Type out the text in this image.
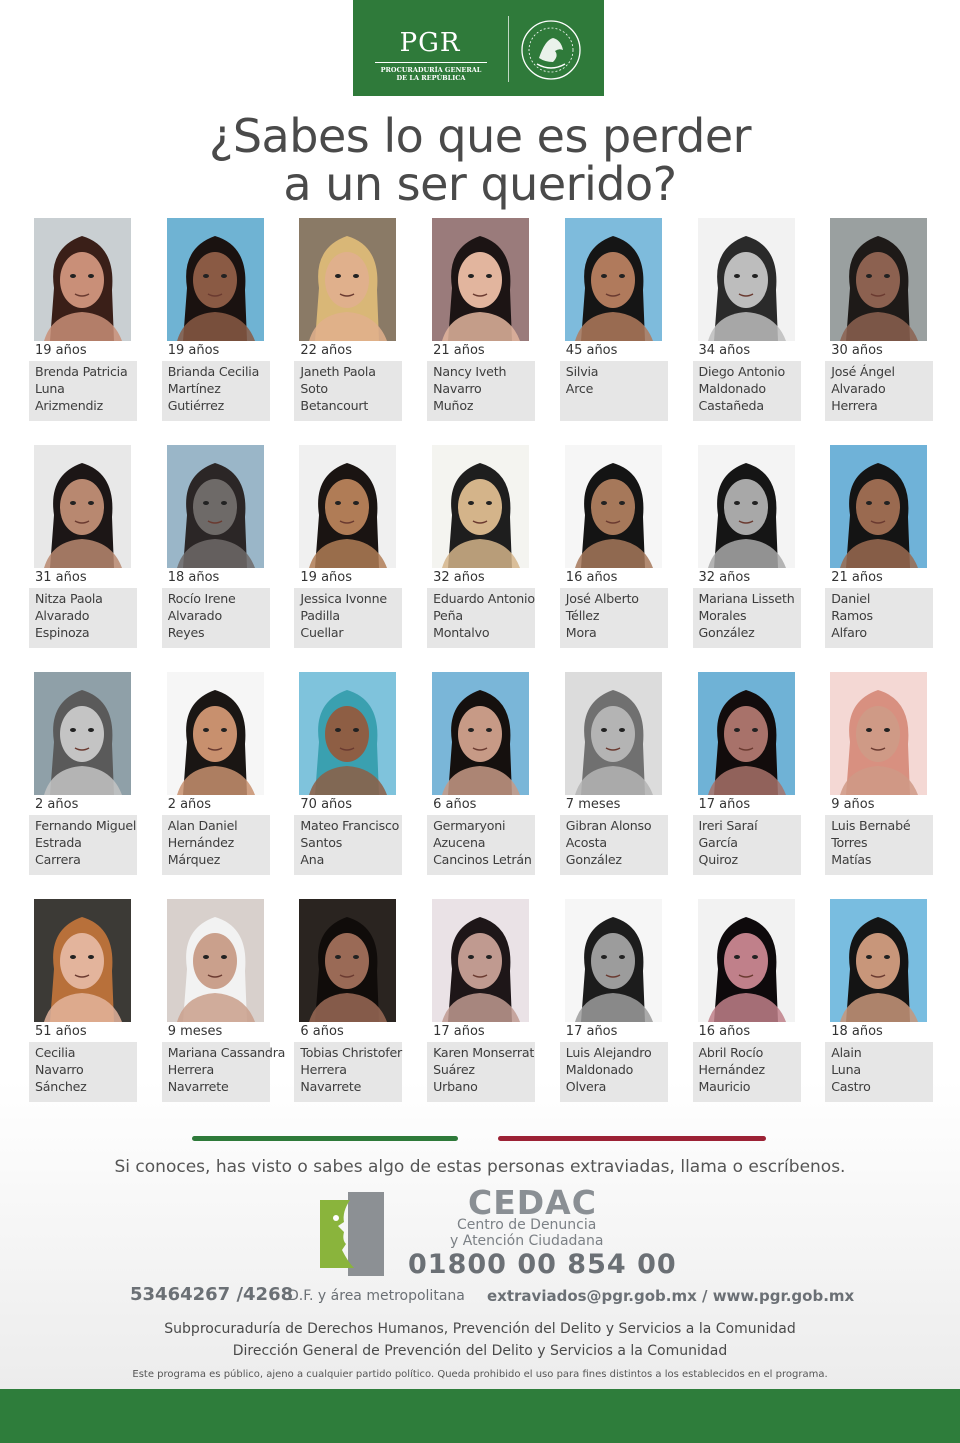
PGR
PROCURADURÍA GENERAL
DE LA REPÚBLICA
¿Sabes lo que es perder
a un ser querido?
19 años
Brenda Patricia
Luna
Arizmendiz
19 años
Brianda Cecilia
Martínez
Gutiérrez
22 años
Janeth Paola
Soto
Betancourt
21 años
Nancy Iveth
Navarro
Muñoz
45 años
Silvia
Arce
34 años
Diego Antonio
Maldonado
Castañeda
30 años
José Ángel
Alvarado
Herrera
31 años
Nitza Paola
Alvarado
Espinoza
18 años
Rocío Irene
Alvarado
Reyes
19 años
Jessica Ivonne
Padilla
Cuellar
32 años
Eduardo Antonio
Peña
Montalvo
16 años
José Alberto
Téllez
Mora
32 años
Mariana Lisseth
Morales
González
21 años
Daniel
Ramos
Alfaro
2 años
Fernando Miguel
Estrada
Carrera
2 años
Alan Daniel
Hernández
Márquez
70 años
Mateo Francisco
Santos
Ana
6 años
Germaryoni
Azucena
Cancinos Letrán
7 meses
Gibran Alonso
Acosta
González
17 años
Ireri Saraí
García
Quiroz
9 años
Luis Bernabé
Torres
Matías
51 años
Cecilia
Navarro
Sánchez
9 meses
Mariana Cassandra
Herrera
Navarrete
6 años
Tobias Christofer
Herrera
Navarrete
17 años
Karen Monserrat
Suárez
Urbano
17 años
Luis Alejandro
Maldonado
Olvera
16 años
Abril Rocío
Hernández
Mauricio
18 años
Alain
Luna
Castro
Si conoces, has visto o sabes algo de estas personas extraviadas, llama o escríbenos.
CEDAC
Centro de Denuncia
y Atención Ciudadana
01800 00 854 00
53464267 /4268
D.F. y área metropolitana extraviados@pgr.gob.mx / www.pgr.gob.mx
Subprocuraduría de Derechos Humanos, Prevención del Delito y Servicios a la Comunidad
Dirección General de Prevención del Delito y Servicios a la Comunidad
Este programa es público, ajeno a cualquier partido político. Queda prohibido el uso para fines distintos a los establecidos en el programa.
